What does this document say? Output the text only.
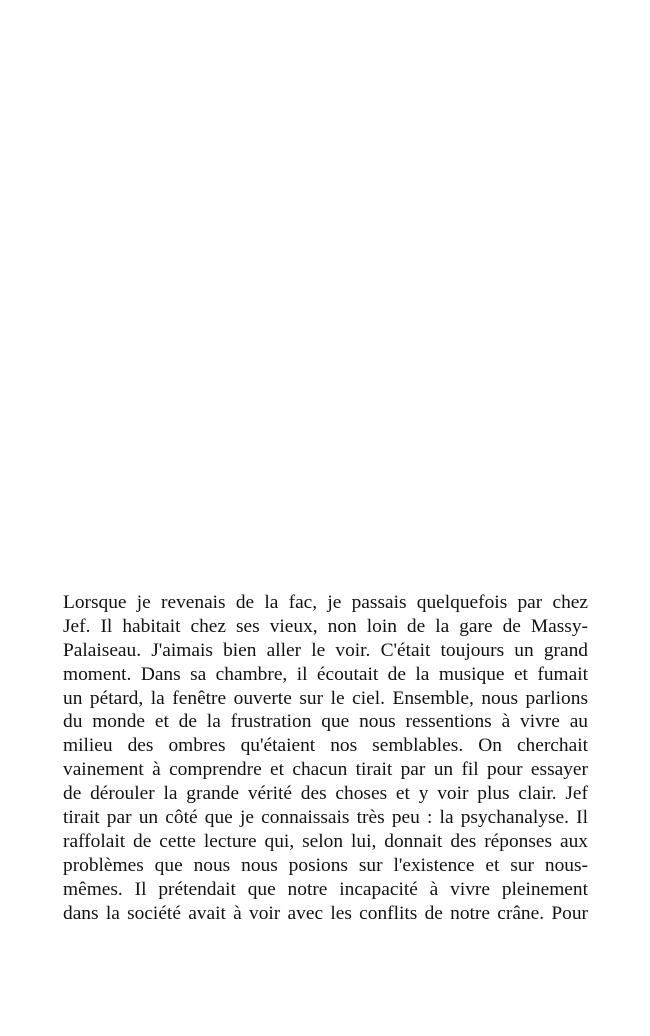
Lorsque je revenais de la fac, je passais quelquefois par chez
Jef. Il habitait chez ses vieux, non loin de la gare de Massy-
Palaiseau. J'aimais bien aller le voir. C'était toujours un grand
moment. Dans sa chambre, il écoutait de la musique et fumait
un pétard, la fenêtre ouverte sur le ciel. Ensemble, nous parlions
du monde et de la frustration que nous ressentions à vivre au
milieu des ombres qu'étaient nos semblables. On cherchait
vainement à comprendre et chacun tirait par un fil pour essayer
de dérouler la grande vérité des choses et y voir plus clair. Jef
tirait par un côté que je connaissais très peu : la psychanalyse. Il
raffolait de cette lecture qui, selon lui, donnait des réponses aux
problèmes que nous nous posions sur l'existence et sur nous-
mêmes. Il prétendait que notre incapacité à vivre pleinement
dans la société avait à voir avec les conflits de notre crâne. Pour
